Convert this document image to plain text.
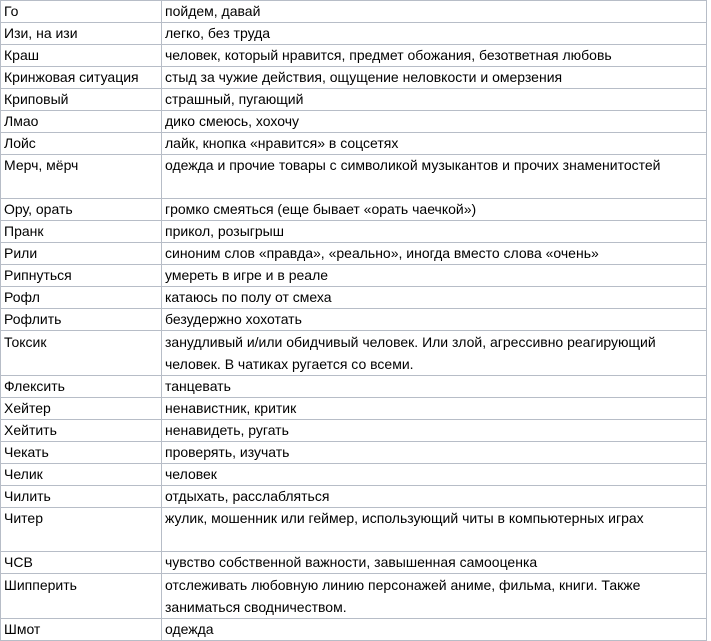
Го	пойдем, давай
Изи, на изи	легко, без труда
Краш	человек, который нравится, предмет обожания, безответная любовь
Кринжовая ситуация	стыд за чужие действия, ощущение неловкости и омерзения
Криповый	страшный, пугающий
Лмао	дико смеюсь, хохочу
Лойс	лайк, кнопка «нравится» в соцсетях
Мерч, мёрч	одежда и прочие товары с символикой музыкантов и прочих знаменитостей
Ору, орать	громко смеяться (еще бывает «орать чаечкой»)
Пранк	прикол, розыгрыш
Рили	синоним слов «правда», «реально», иногда вместо слова «очень»
Рипнуться	умереть в игре и в реале
Рофл	катаюсь по полу от смеха
Рофлить	безудержно хохотать
Токсик	занудливый и/или обидчивый человек. Или злой, агрессивно реагирующий человек. В чатиках ругается со всеми.
Флексить	танцевать
Хейтер	ненавистник, критик
Хейтить	ненавидеть, ругать
Чекать	проверять, изучать
Челик	человек
Чилить	отдыхать, расслабляться
Читер	жулик, мошенник или геймер, использующий читы в компьютерных играх
ЧСВ	чувство собственной важности, завышенная самооценка
Шипперить	отслеживать любовную линию персонажей аниме, фильма, книги. Также заниматься сводничеством.
Шмот	одежда
